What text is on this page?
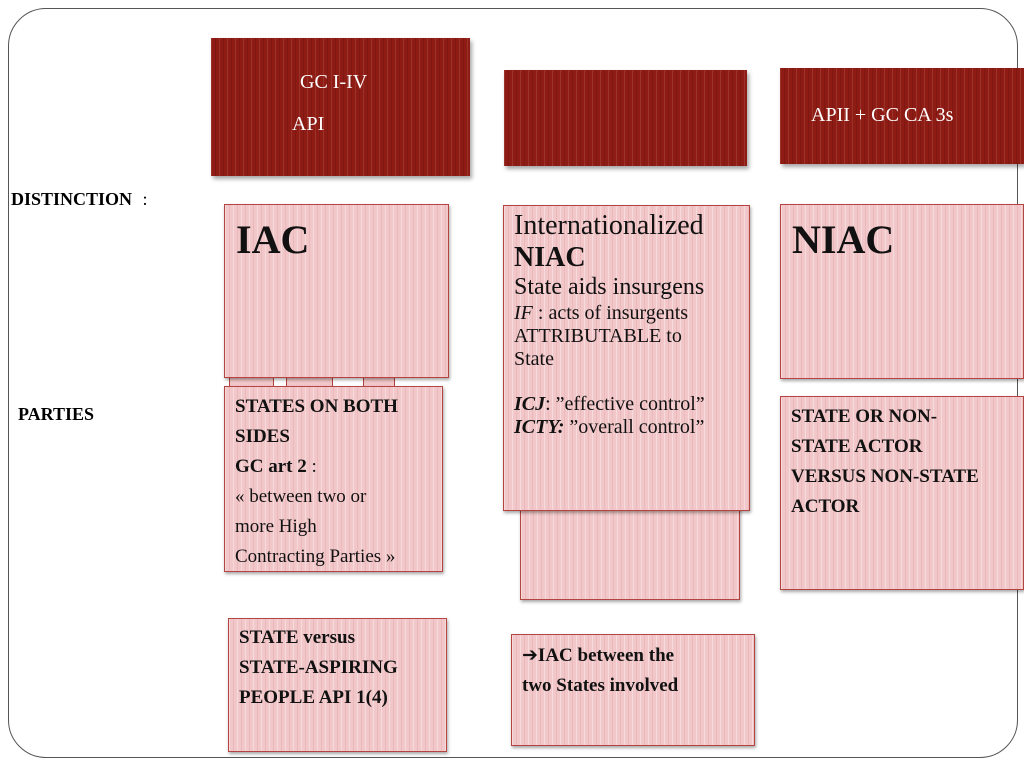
DISTINCTION :
PARTIES
GC I-IV
API	APII + GC CA 3s
IAC
STATES ON BOTH
SIDES
GC art 2 :
« between two or
more High
Contracting Parties »
STATE versus
STATE-ASPIRING
PEOPLE API 1(4)
Internationalized
NIAC
State aids insurgens
IF : acts of insurgents
ATTRIBUTABLE to
State
ICJ: ”effective control”
ICTY: ”overall control”
➔IAC between the
two States involved
NIAC
STATE OR NON-
STATE ACTOR
VERSUS NON-STATE
ACTOR
